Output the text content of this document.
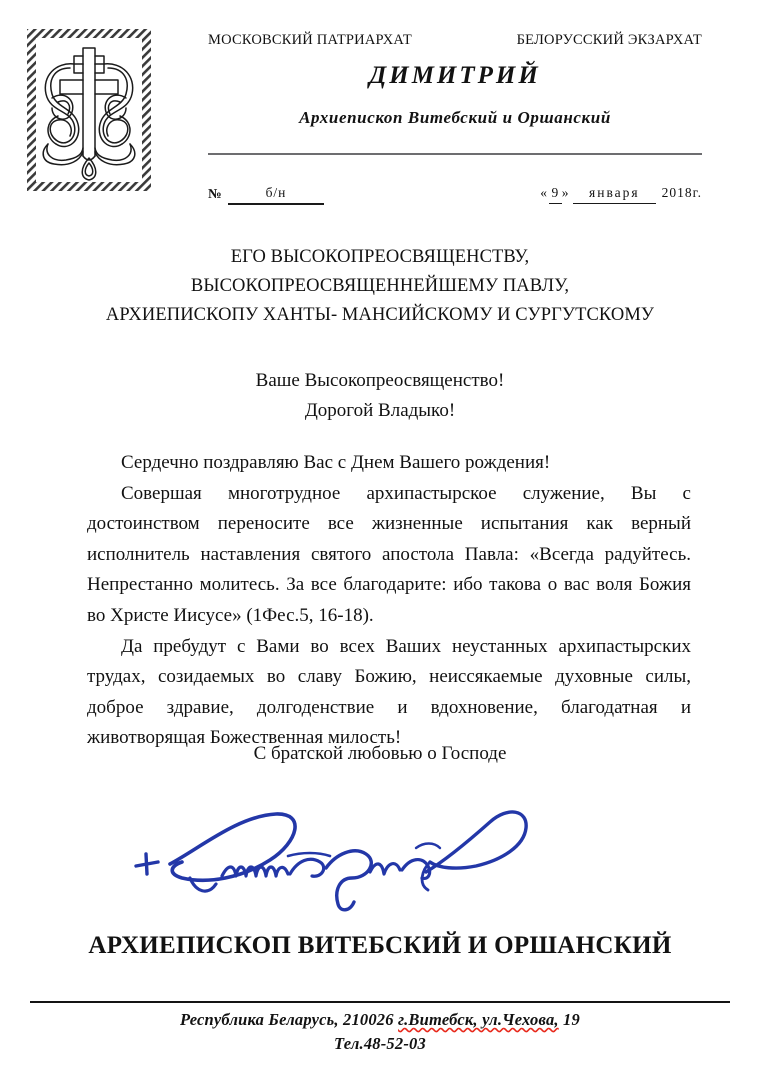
МОСКОВСКИЙ ПАТРИАРХАТ	БЕЛОРУССКИЙ ЭКЗАРХАТ
ДИМИТРИЙ
Архиепископ Витебский и Оршанский
№	б/н	« 9 »	января	2018г.
ЕГО ВЫСОКОПРЕОСВЯЩЕНСТВУ,
ВЫСОКОПРЕОСВЯЩЕННЕЙШЕМУ ПАВЛУ,
АРХИЕПИСКОПУ ХАНТЫ- МАНСИЙСКОМУ И СУРГУТСКОМУ
Ваше Высокопреосвященство!
Дорогой Владыко!

Сердечно поздравляю Вас с Днем Вашего рождения!

Совершая многотрудное архипастырское служение, Вы с достоинством переносите все жизненные испытания как верный исполнитель наставления святого апостола Павла: «Всегда радуйтесь. Непрестанно молитесь. За все благодарите: ибо такова о вас воля Божия во Христе Иисусе» (1Фес.5, 16-18).

Да пребудут с Вами во всех Ваших неустанных архипастырских трудах, созидаемых во славу Божию, неиссякаемые духовные силы, доброе здравие, долгоденствие и вдохновение, благодатная и животворящая Божественная милость!

С братской любовью о Господе
АРХИЕПИСКОП ВИТЕБСКИЙ И ОРШАНСКИЙ
Республика Беларусь, 210026 г.Витебск, ул.Чехова, 19
Тел.48-52-03
